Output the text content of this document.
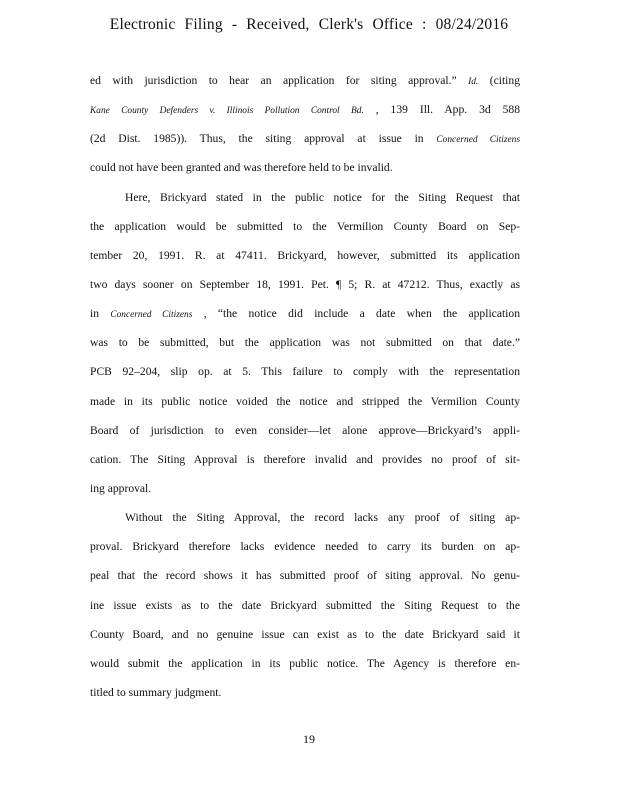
Electronic Filing - Received, Clerk's Office : 08/24/2016
ed with jurisdiction to hear an application for siting approval.” Id. (citing
Kane County Defenders v. Illinois Pollution Control Bd. , 139 Ill. App. 3d 588
(2d Dist. 1985)). Thus, the siting approval at issue in Concerned Citizens
could not have been granted and was therefore held to be invalid.
Here, Brickyard stated in the public notice for the Siting Request that
the application would be submitted to the Vermilion County Board on Sep-
tember 20, 1991. R. at 47411. Brickyard, however, submitted its application
two days sooner on September 18, 1991. Pet. ¶ 5; R. at 47212. Thus, exactly as
in Concerned Citizens , “the notice did include a date when the application
was to be submitted, but the application was not submitted on that date.”
PCB 92–204, slip op. at 5. This failure to comply with the representation
made in its public notice voided the notice and stripped the Vermilion County
Board of jurisdiction to even consider—let alone approve—Brickyard’s appli-
cation. The Siting Approval is therefore invalid and provides no proof of sit-
ing approval.
Without the Siting Approval, the record lacks any proof of siting ap-
proval. Brickyard therefore lacks evidence needed to carry its burden on ap-
peal that the record shows it has submitted proof of siting approval. No genu-
ine issue exists as to the date Brickyard submitted the Siting Request to the
County Board, and no genuine issue can exist as to the date Brickyard said it
would submit the application in its public notice. The Agency is therefore en-
titled to summary judgment.
19
